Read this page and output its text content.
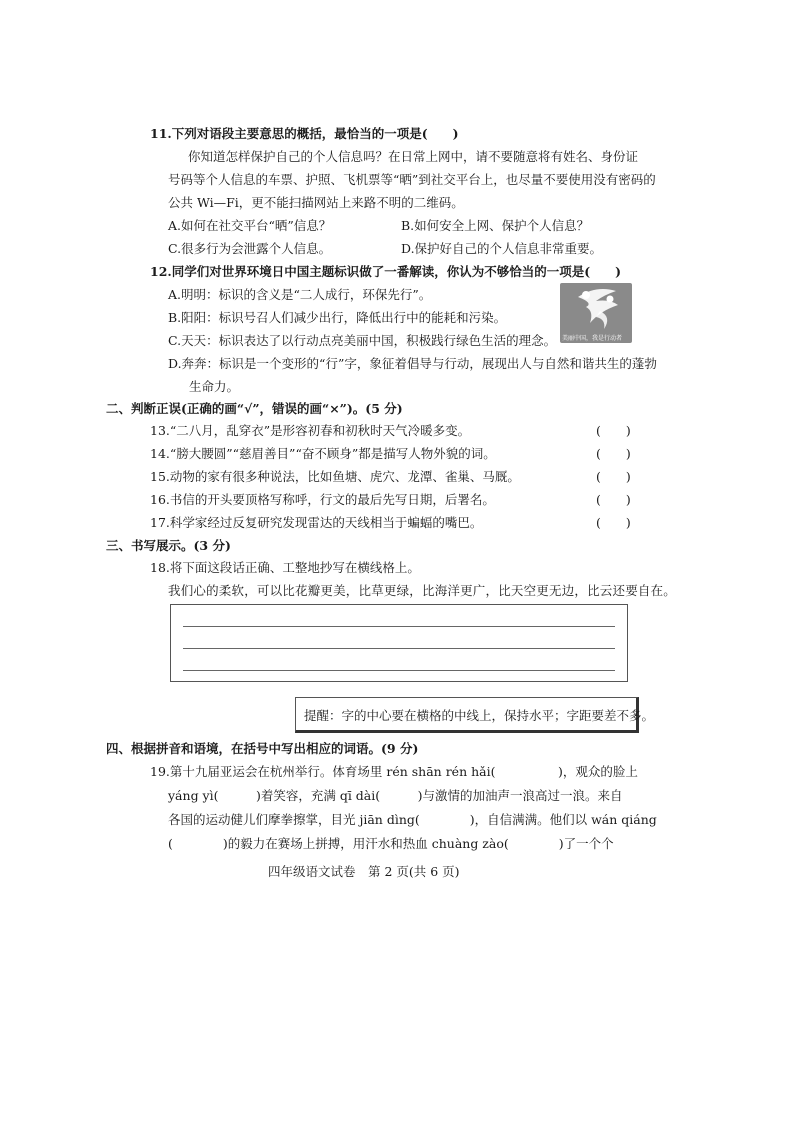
11.下列对语段主要意思的概括，最恰当的一项是(　　)
你知道怎样保护自己的个人信息吗？在日常上网中，请不要随意将有姓名、身份证
号码等个人信息的车票、护照、飞机票等“晒”到社交平台上，也尽量不要使用没有密码的
公共 Wi—Fi，更不能扫描网站上来路不明的二维码。
A.如何在社交平台“晒”信息？	B.如何安全上网、保护个人信息？
C.很多行为会泄露个人信息。	D.保护好自己的个人信息非常重要。
12.同学们对世界环境日中国主题标识做了一番解读，你认为不够恰当的一项是(　　)
A.明明：标识的含义是“二人成行，环保先行”。
B.阳阳：标识号召人们减少出行，降低出行中的能耗和污染。
C.天天：标识表达了以行动点亮美丽中国，积极践行绿色生活的理念。
D.奔奔：标识是一个变形的“行”字，象征着倡导与行动，展现出人与自然和谐共生的蓬勃
生命力。
美丽中国，我是行动者
二、判断正误(正确的画“√”，错误的画“×”)。(5 分)
13.“二八月，乱穿衣”是形容初春和初秋时天气冷暖多变。	(　　)
14.“膀大腰圆”“慈眉善目”“奋不顾身”都是描写人物外貌的词。	(　　)
15.动物的家有很多种说法，比如鱼塘、虎穴、龙潭、雀巢、马厩。	(　　)
16.书信的开头要顶格写称呼，行文的最后先写日期，后署名。	(　　)
17.科学家经过反复研究发现雷达的天线相当于蝙蝠的嘴巴。	(　　)
三、书写展示。(3 分)
18.将下面这段话正确、工整地抄写在横线格上。
我们心的柔软，可以比花瓣更美，比草更绿，比海洋更广，比天空更无边，比云还要自在。
提醒：字的中心要在横格的中线上，保持水平；字距要差不多。
四、根据拼音和语境，在括号中写出相应的词语。(9 分)
19.第十九届亚运会在杭州举行。体育场里 rén shān rén hǎi(　　　　　)，观众的脸上
yáng yì(　　　)着笑容，充满 qī dài(　　　)与激情的加油声一浪高过一浪。来自
各国的运动健儿们摩拳擦掌，目光 jiān dìng(　　　　)，自信满满。他们以 wán qiáng
(　　　　)的毅力在赛场上拼搏，用汗水和热血 chuàng zào(　　　　)了一个个
四年级语文试卷　第 2 页(共 6 页)
